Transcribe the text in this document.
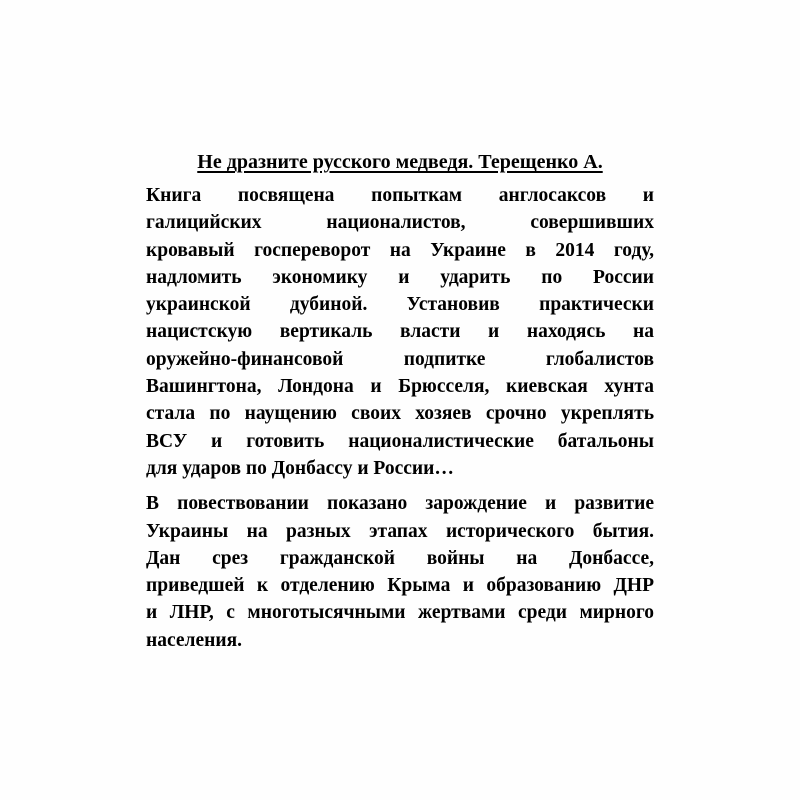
Не дразните русского медведя. Терещенко А.
Книга посвящена попыткам англосаксов и
галицийских националистов, совершивших
кровавый госпереворот на Украине в 2014 году,
надломить экономику и ударить по России
украинской дубиной. Установив практически
нацистскую вертикаль власти и находясь на
оружейно-финансовой подпитке глобалистов
Вашингтона, Лондона и Брюсселя, киевская хунта
стала по наущению своих хозяев срочно укреплять
ВСУ и готовить националистические батальоны
для ударов по Донбассу и России…
В повествовании показано зарождение и развитие
Украины на разных этапах исторического бытия.
Дан срез гражданской войны на Донбассе,
приведшей к отделению Крыма и образованию ДНР
и ЛНР, с многотысячными жертвами среди мирного
населения.
